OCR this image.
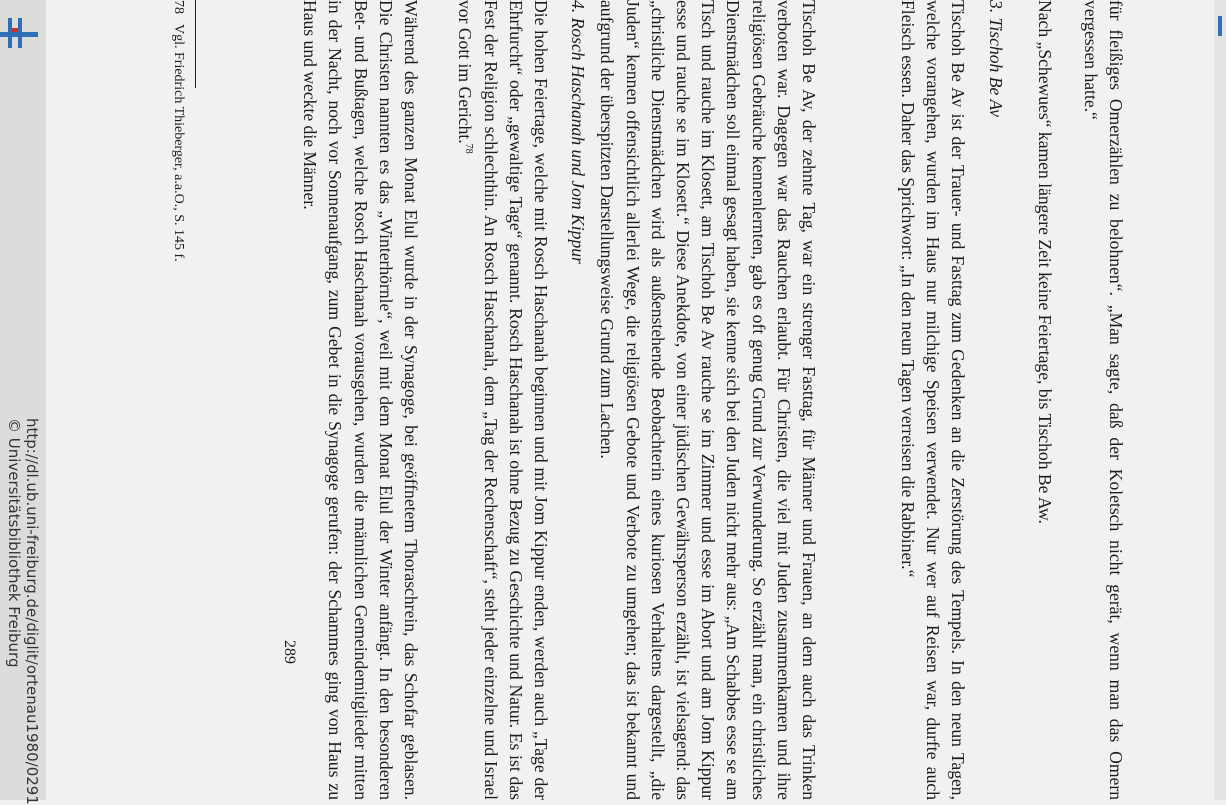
http://dl.ub.uni-freiburg.de/diglit/ortenau1980/0291
© Universitätsbibliothek Freiburg	für fleißiges Omerzählen zu belohnen“. „Man sagte, daß der Koletsch nicht gerät, wenn man das Omern vergessen hatte.“

Nach „Schewues“ kamen längere Zeit keine Feiertage, bis Tischoh Be Aw.

3. Tischoh Be Av

Tischoh Be Av ist der Trauer- und Fasttag zum Gedenken an die Zerstörung des Tempels. In den neun Tagen, welche vorangehen, wurden im Haus nur milchige Speisen verwendet. Nur wer auf Reisen war, durfte auch Fleisch essen. Daher das Sprichwort: „In den neun Tagen verreisen die Rabbiner.“

Tischoh Be Av, der zehnte Tag, war ein strenger Fasttag, für Männer und Frauen, an dem auch das Trinken verboten war. Dagegen war das Rauchen erlaubt. Für Christen, die viel mit Juden zusammenkamen und ihre religiösen Gebräuche kennenlernten, gab es oft genug Grund zur Verwunderung. So erzählt man, ein christliches Dienstmädchen soll einmal gesagt haben, sie kenne sich bei den Juden nicht mehr aus: „Am Schabbes esse se am Tisch und rauche im Klosett, am Tischoh Be Av rauche se im Zimmer und esse im Abort und am Jom Kippur esse und rauche se im Klosett.“ Diese Anekdote, von einer jüdischen Gewährsperson erzählt, ist vielsagend: das „christliche Dienstmädchen wird als außenstehende Beobachterin eines kuriosen Verhaltens dargestellt, „die Juden“ kennen offensichtlich allerlei Wege, die religiösen Gebote und Verbote zu umgehen; das ist bekannt und aufgrund der überspitzten Darstellungsweise Grund zum Lachen.

4. Rosch Haschanah und Jom Kippur

Die hohen Feiertage, welche mit Rosch Haschanah beginnen und mit Jom Kippur enden, werden auch „Tage der Ehrfurcht“ oder „gewaltige Tage“ genannt. Rosch Haschanah ist ohne Bezug zu Geschichte und Natur. Es ist das Fest der Religion schlechthin. An Rosch Haschanah, dem „Tag der Rechenschaft“, steht jeder einzelne und Israel vor Gott im Gericht.$^{78}$

Während des ganzen Monat Elul wurde in der Synagoge, bei geöffnetem Thoraschrein, das Schofar geblasen. Die Christen nannten es das „Winterhörnle“, weil mit dem Monat Elul der Winter anfängt. In den besonderen Bet- und Bußtagen, welche Rosch Haschanah vorausgehen, wurden die männlichen Gemeindemitglieder mitten in der Nacht, noch vor Sonnenaufgang, zum Gebet in die Synagoge gerufen: der Schammes ging von Haus zu Haus und weckte die Männer.

78Vgl. Friedrich Thieberger, a.a.O., S. 145 f.
289
